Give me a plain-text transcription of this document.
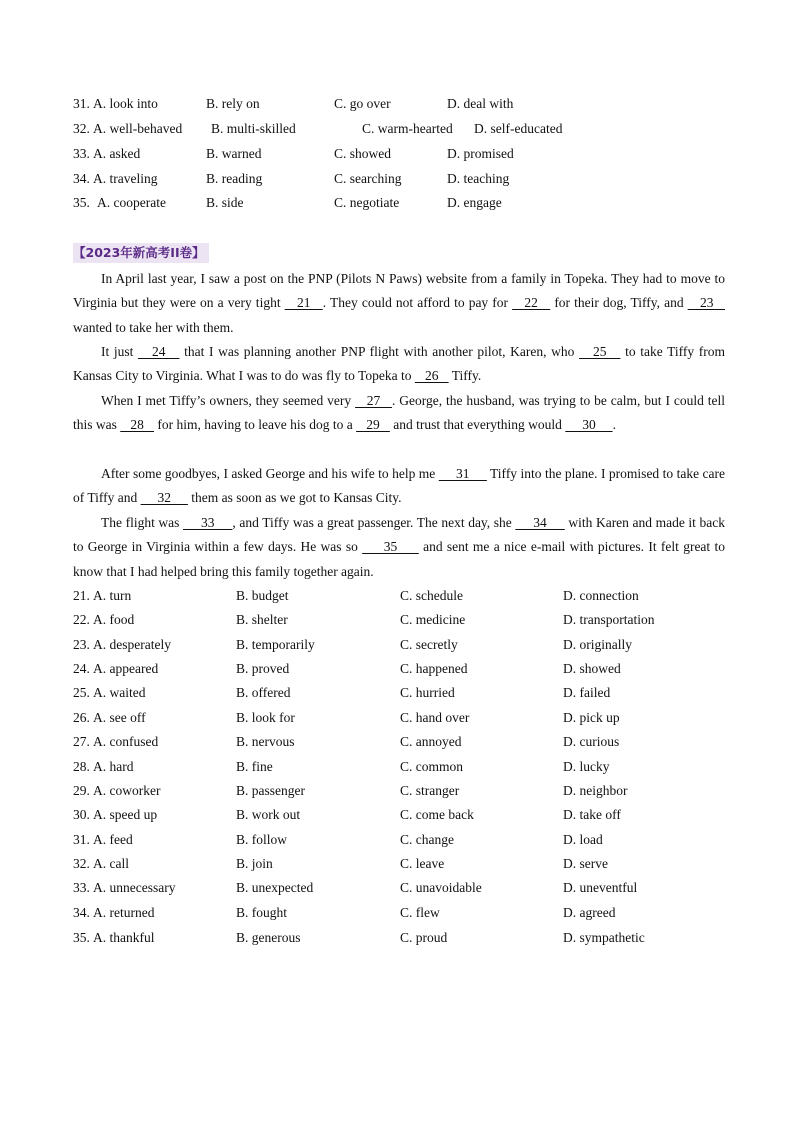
31. A. look into	B. rely on	C. go over	D. deal with
32. A. well-behaved B. multi-skilled	C. warm-hearted D. self-educated
33. A. asked	B. warned	C. showed	D. promised
34. A. traveling	B. reading	C. searching	D. teaching
35. A. cooperate	B. side	C. negotiate	D. engage
【2023年新高考II卷】
In April last year, I saw a post on the PNP (Pilots N Paws) website from a family in Topeka. They had to move to Virginia but they were on a very tight    21   . They could not afford to pay for    22    for their dog, Tiffy, and    23    wanted to take her with them.
It just    24    that I was planning another PNP flight with another pilot, Karen, who    25    to take Tiffy from Kansas City to Virginia. What I was to do was fly to Topeka to    26    Tiffy.
When I met Tiffy’s owners, they seemed very    27   . George, the husband, was trying to be calm, but I could tell this was    28    for him, having to leave his dog to a    29    and trust that everything would      30     .
After some goodbyes, I asked George and his wife to help me      31      Tiffy into the plane. I promised to take care of Tiffy and      32      them as soon as we got to Kansas City.
The flight was      33     , and Tiffy was a great passenger. The next day, she      34      with Karen and made it back to George in Virginia within a few days. He was so      35      and sent me a nice e-mail with pictures. It felt great to know that I had helped bring this family together again.
21. A. turn	B. budget	C. schedule	D. connection
22. A. food	B. shelter	C. medicine	D. transportation
23. A. desperately	B. temporarily	C. secretly	D. originally
24. A. appeared	B. proved	C. happened	D. showed
25. A. waited	B. offered	C. hurried	D. failed
26. A. see off	B. look for	C. hand over	D. pick up
27. A. confused	B. nervous	C. annoyed	D. curious
28. A. hard	B. fine	C. common	D. lucky
29. A. coworker	B. passenger	C. stranger	D. neighbor
30. A. speed up	B. work out	C. come back	D. take off
31. A. feed	B. follow	C. change	D. load
32. A. call	B. join	C. leave	D. serve
33. A. unnecessary	B. unexpected	C. unavoidable	D. uneventful
34. A. returned	B. fought	C. flew	D. agreed
35. A. thankful	B. generous	C. proud	D. sympathetic
